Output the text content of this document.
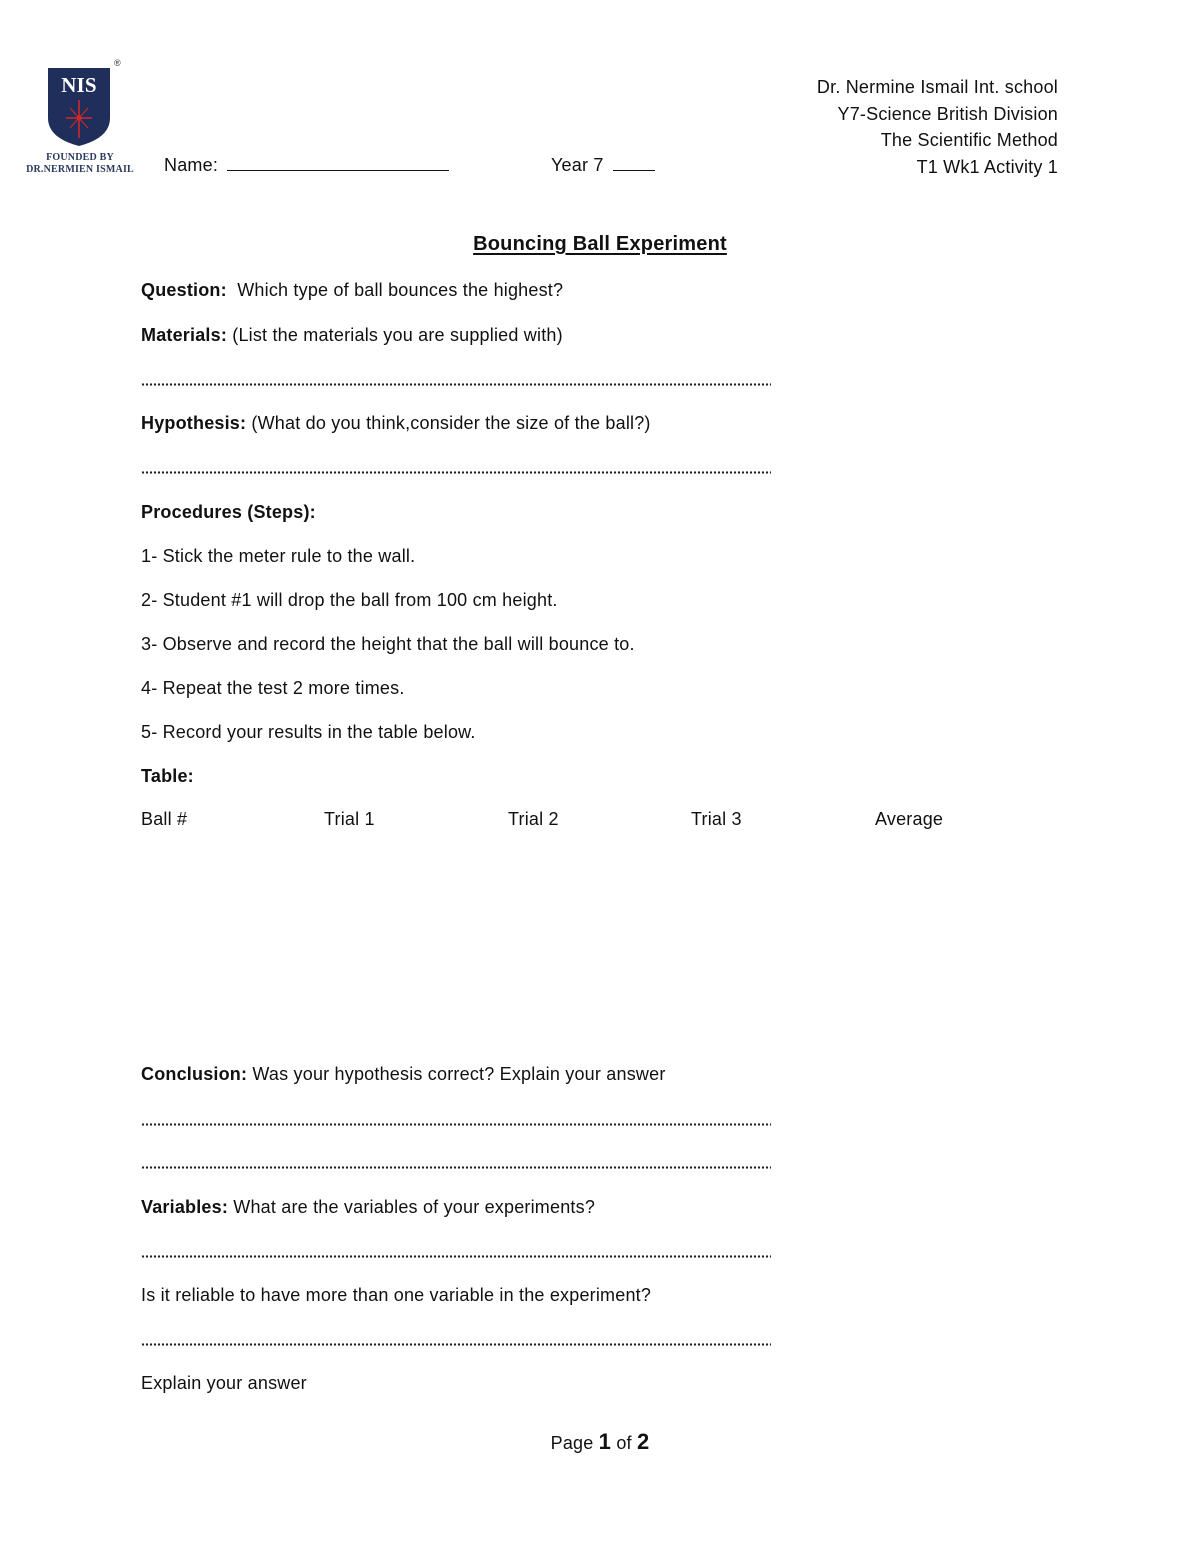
NIS
®
FOUNDED BY
DR.NERMIEN ISMAIL
Dr. Nermine Ismail Int. school
Y7-Science British Division
The Scientific Method
T1 Wk1 Activity 1
Name:	Year 7
Bouncing Ball Experiment
Question: Which type of ball bounces the highest?
Materials: (List the materials you are supplied with)
Hypothesis: (What do you think,consider the size of the ball?)
Procedures (Steps):
1- Stick the meter rule to the wall.
2- Student #1 will drop the ball from 100 cm height.
3- Observe and record the height that the ball will bounce to.
4- Repeat the test 2 more times.
5- Record your results in the table below.
Table:
Ball #	Trial 1	Trial 2	Trial 3	Average
Conclusion: Was your hypothesis correct? Explain your answer
Variables: What are the variables of your experiments?
Is it reliable to have more than one variable in the experiment?
Explain your answer
Page 1 of 2
